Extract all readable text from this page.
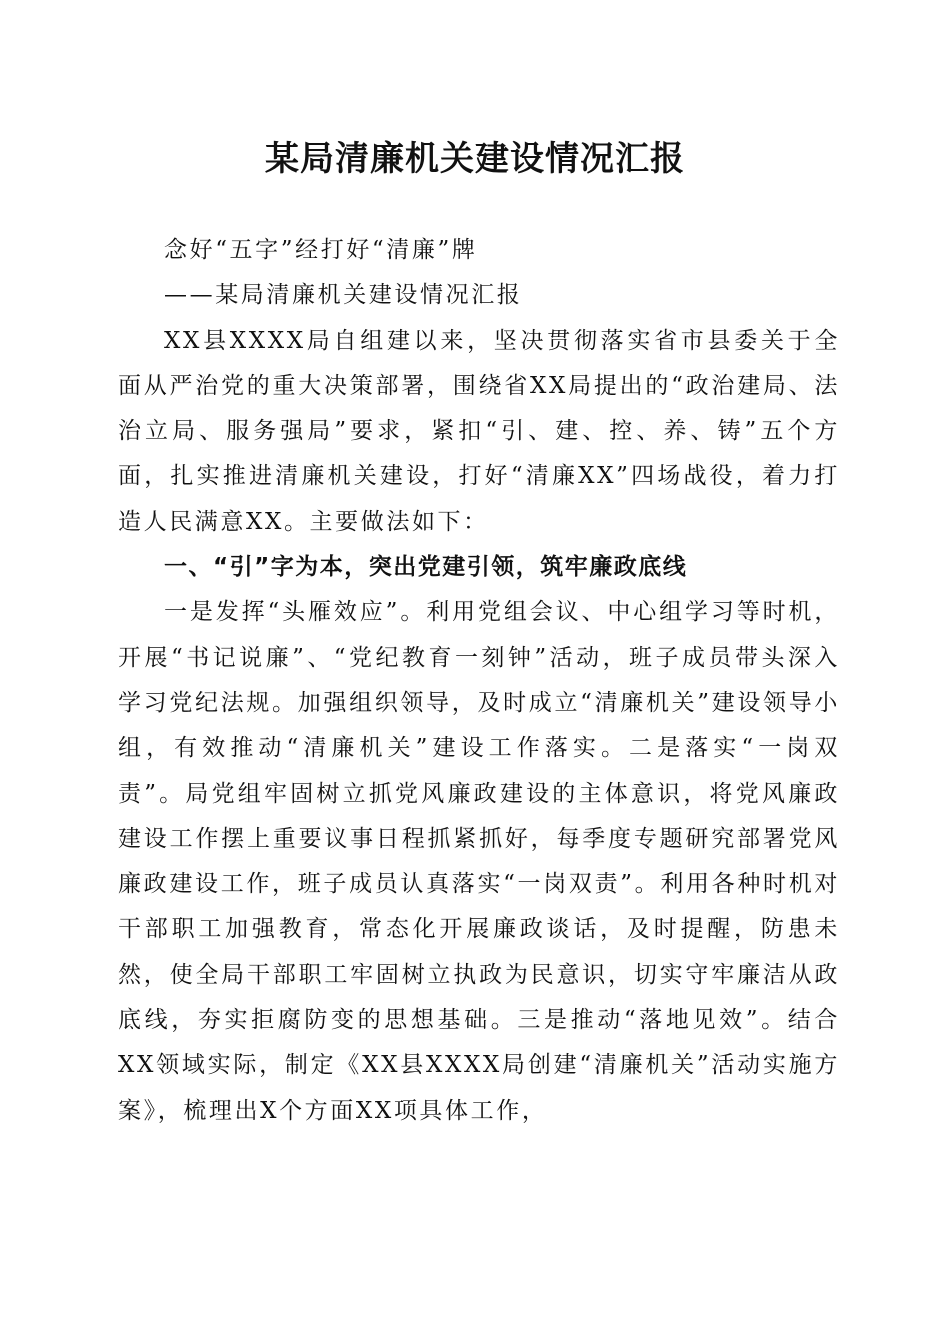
某局清廉机关建设情况汇报

念好“五字”经打好“清廉”牌

——某局清廉机关建设情况汇报

XX县XXXX局自组建以来，坚决贯彻落实省市县委关于全面从严治党的重大决策部署，围绕省XX局提出的“政治建局、法治立局、服务强局”要求，紧扣“引、建、控、养、铸”五个方面，扎实推进清廉机关建设，打好“清廉XX”四场战役，着力打造人民满意XX。主要做法如下：

一、“引”字为本，突出党建引领，筑牢廉政底线

一是发挥“头雁效应”。利用党组会议、中心组学习等时机，开展“书记说廉”、“党纪教育一刻钟”活动，班子成员带头深入学习党纪法规。加强组织领导，及时成立“清廉机关”建设领导小组，有效推动“清廉机关”建设工作落实。二是落实“一岗双责”。局党组牢固树立抓党风廉政建设的主体意识，将党风廉政建设工作摆上重要议事日程抓紧抓好，每季度专题研究部署党风廉政建设工作，班子成员认真落实“一岗双责”。利用各种时机对干部职工加强教育，常态化开展廉政谈话，及时提醒，防患未然，使全局干部职工牢固树立执政为民意识，切实守牢廉洁从政底线，夯实拒腐防变的思想基础。三是推动“落地见效”。结合XX领域实际，制定《XX县XXXX局创建“清廉机关”活动实施方案》，梳理出X个方面XX项具体工作，
